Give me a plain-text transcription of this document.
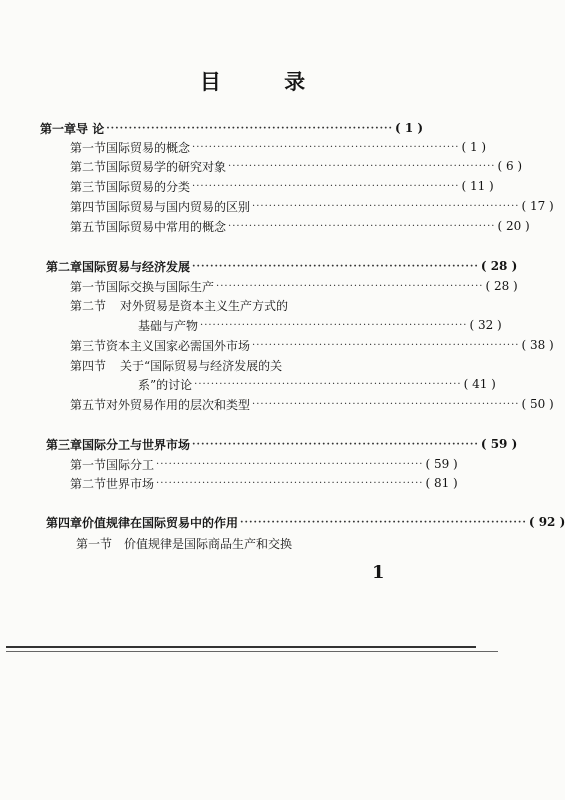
目 录
第一章 导 论 ································································ ( 1 )
第一节 国际贸易的概念 ································································ ( 1 )
第二节 国际贸易学的研究对象 ································································ ( 6 )
第三节 国际贸易的分类 ································································ ( 11 )
第四节 国际贸易与国内贸易的区别 ································································ ( 17 )
第五节 国际贸易中常用的概念 ································································ ( 20 )
第二章 国际贸易与经济发展 ································································ ( 28 )
第一节 国际交换与国际生产 ································································ ( 28 )
第二节	对外贸易是资本主义生产方式的
基础与产物 ································································ ( 32 )
第三节 资本主义国家必需国外市场 ································································ ( 38 )
第四节	关于“国际贸易与经济发展的关
系”的讨论 ································································ ( 41 )
第五节 对外贸易作用的层次和类型 ································································ ( 50 )
第三章 国际分工与世界市场 ································································ ( 59 )
第一节 国际分工 ································································ ( 59 )
第二节 世界市场 ································································ ( 81 )
第四章 价值规律在国际贸易中的作用 ································································ ( 92 )
第一节 价值规律是国际商品生产和交换
1
